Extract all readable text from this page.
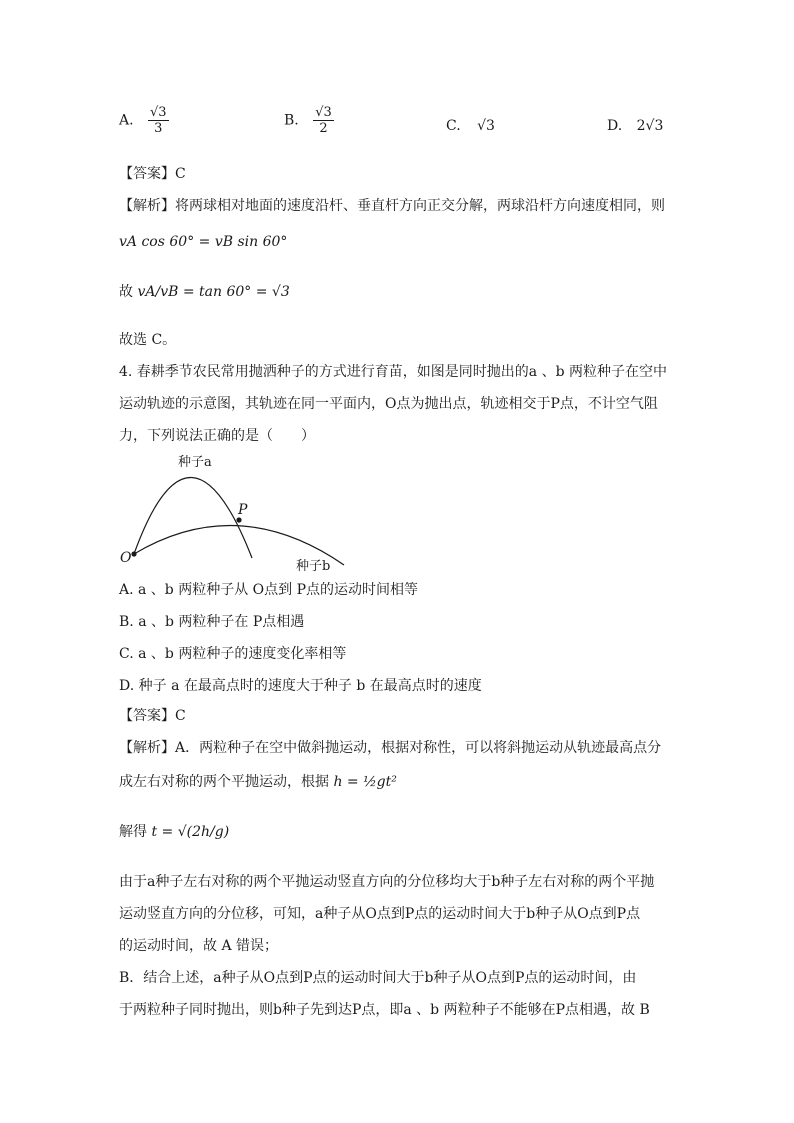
A. $\frac{√3}{3}$	B. $\frac{√3}{2}$	C. √3	D. 2√3
【答案】C
【解析】将两球相对地面的速度沿杆、垂直杆方向正交分解，两球沿杆方向速度相同，则
vA cos 60° = vB sin 60°
故 vA/vB = tan 60° = √3
故选 C。
4. 春耕季节农民常用抛洒种子的方式进行育苗，如图是同时抛出的a 、b 两粒种子在空中
运动轨迹的示意图，其轨迹在同一平面内，O点为抛出点，轨迹相交于P点，不计空气阻
力，下列说法正确的是（　　）
种子a
种子b
O
P
A. a 、b 两粒种子从 O点到 P点的运动时间相等
B. a 、b 两粒种子在 P点相遇
C. a 、b 两粒种子的速度变化率相等
D. 种子 a 在最高点时的速度大于种子 b 在最高点时的速度
【答案】C
【解析】A．两粒种子在空中做斜抛运动，根据对称性，可以将斜抛运动从轨迹最高点分
成左右对称的两个平抛运动，根据 h = ½gt²
解得 t = √(2h/g)
由于a种子左右对称的两个平抛运动竖直方向的分位移均大于b种子左右对称的两个平抛
运动竖直方向的分位移，可知，a种子从O点到P点的运动时间大于b种子从O点到P点
的运动时间，故 A 错误；
B．结合上述，a种子从O点到P点的运动时间大于b种子从O点到P点的运动时间，由
于两粒种子同时抛出，则b种子先到达P点，即a 、b 两粒种子不能够在P点相遇，故 B
